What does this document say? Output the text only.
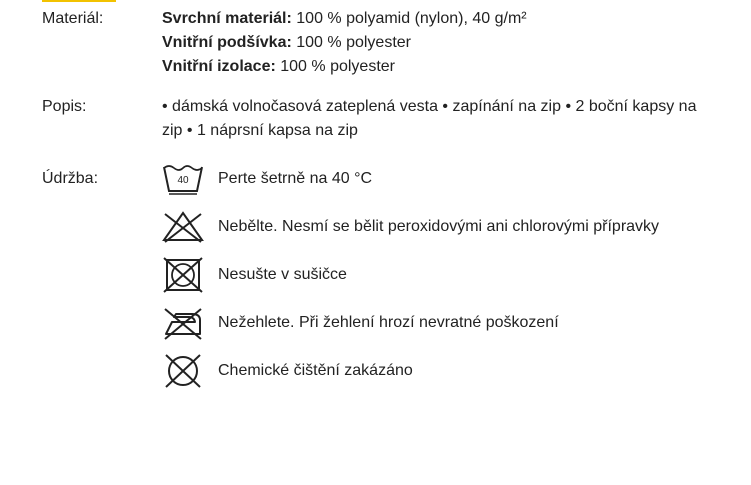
Materiál:	Svrchní materiál: 100 % polyamid (nylon), 40 g/m²
Vnitřní podšívka: 100 % polyester
Vnitřní izolace: 100 % polyester
Popis:	• dámská volnočasová zateplená vesta • zapínání na zip • 2 boční kapsy na zip • 1 náprsní kapsa na zip
Údržba:	40 Perte šetrně na 40 °C
Nebělte. Nesmí se bělit peroxidovými ani chlorovými přípravky
Nesušte v sušičce
Nežehlete. Při žehlení hrozí nevratné poškození
Chemické čištění zakázáno
